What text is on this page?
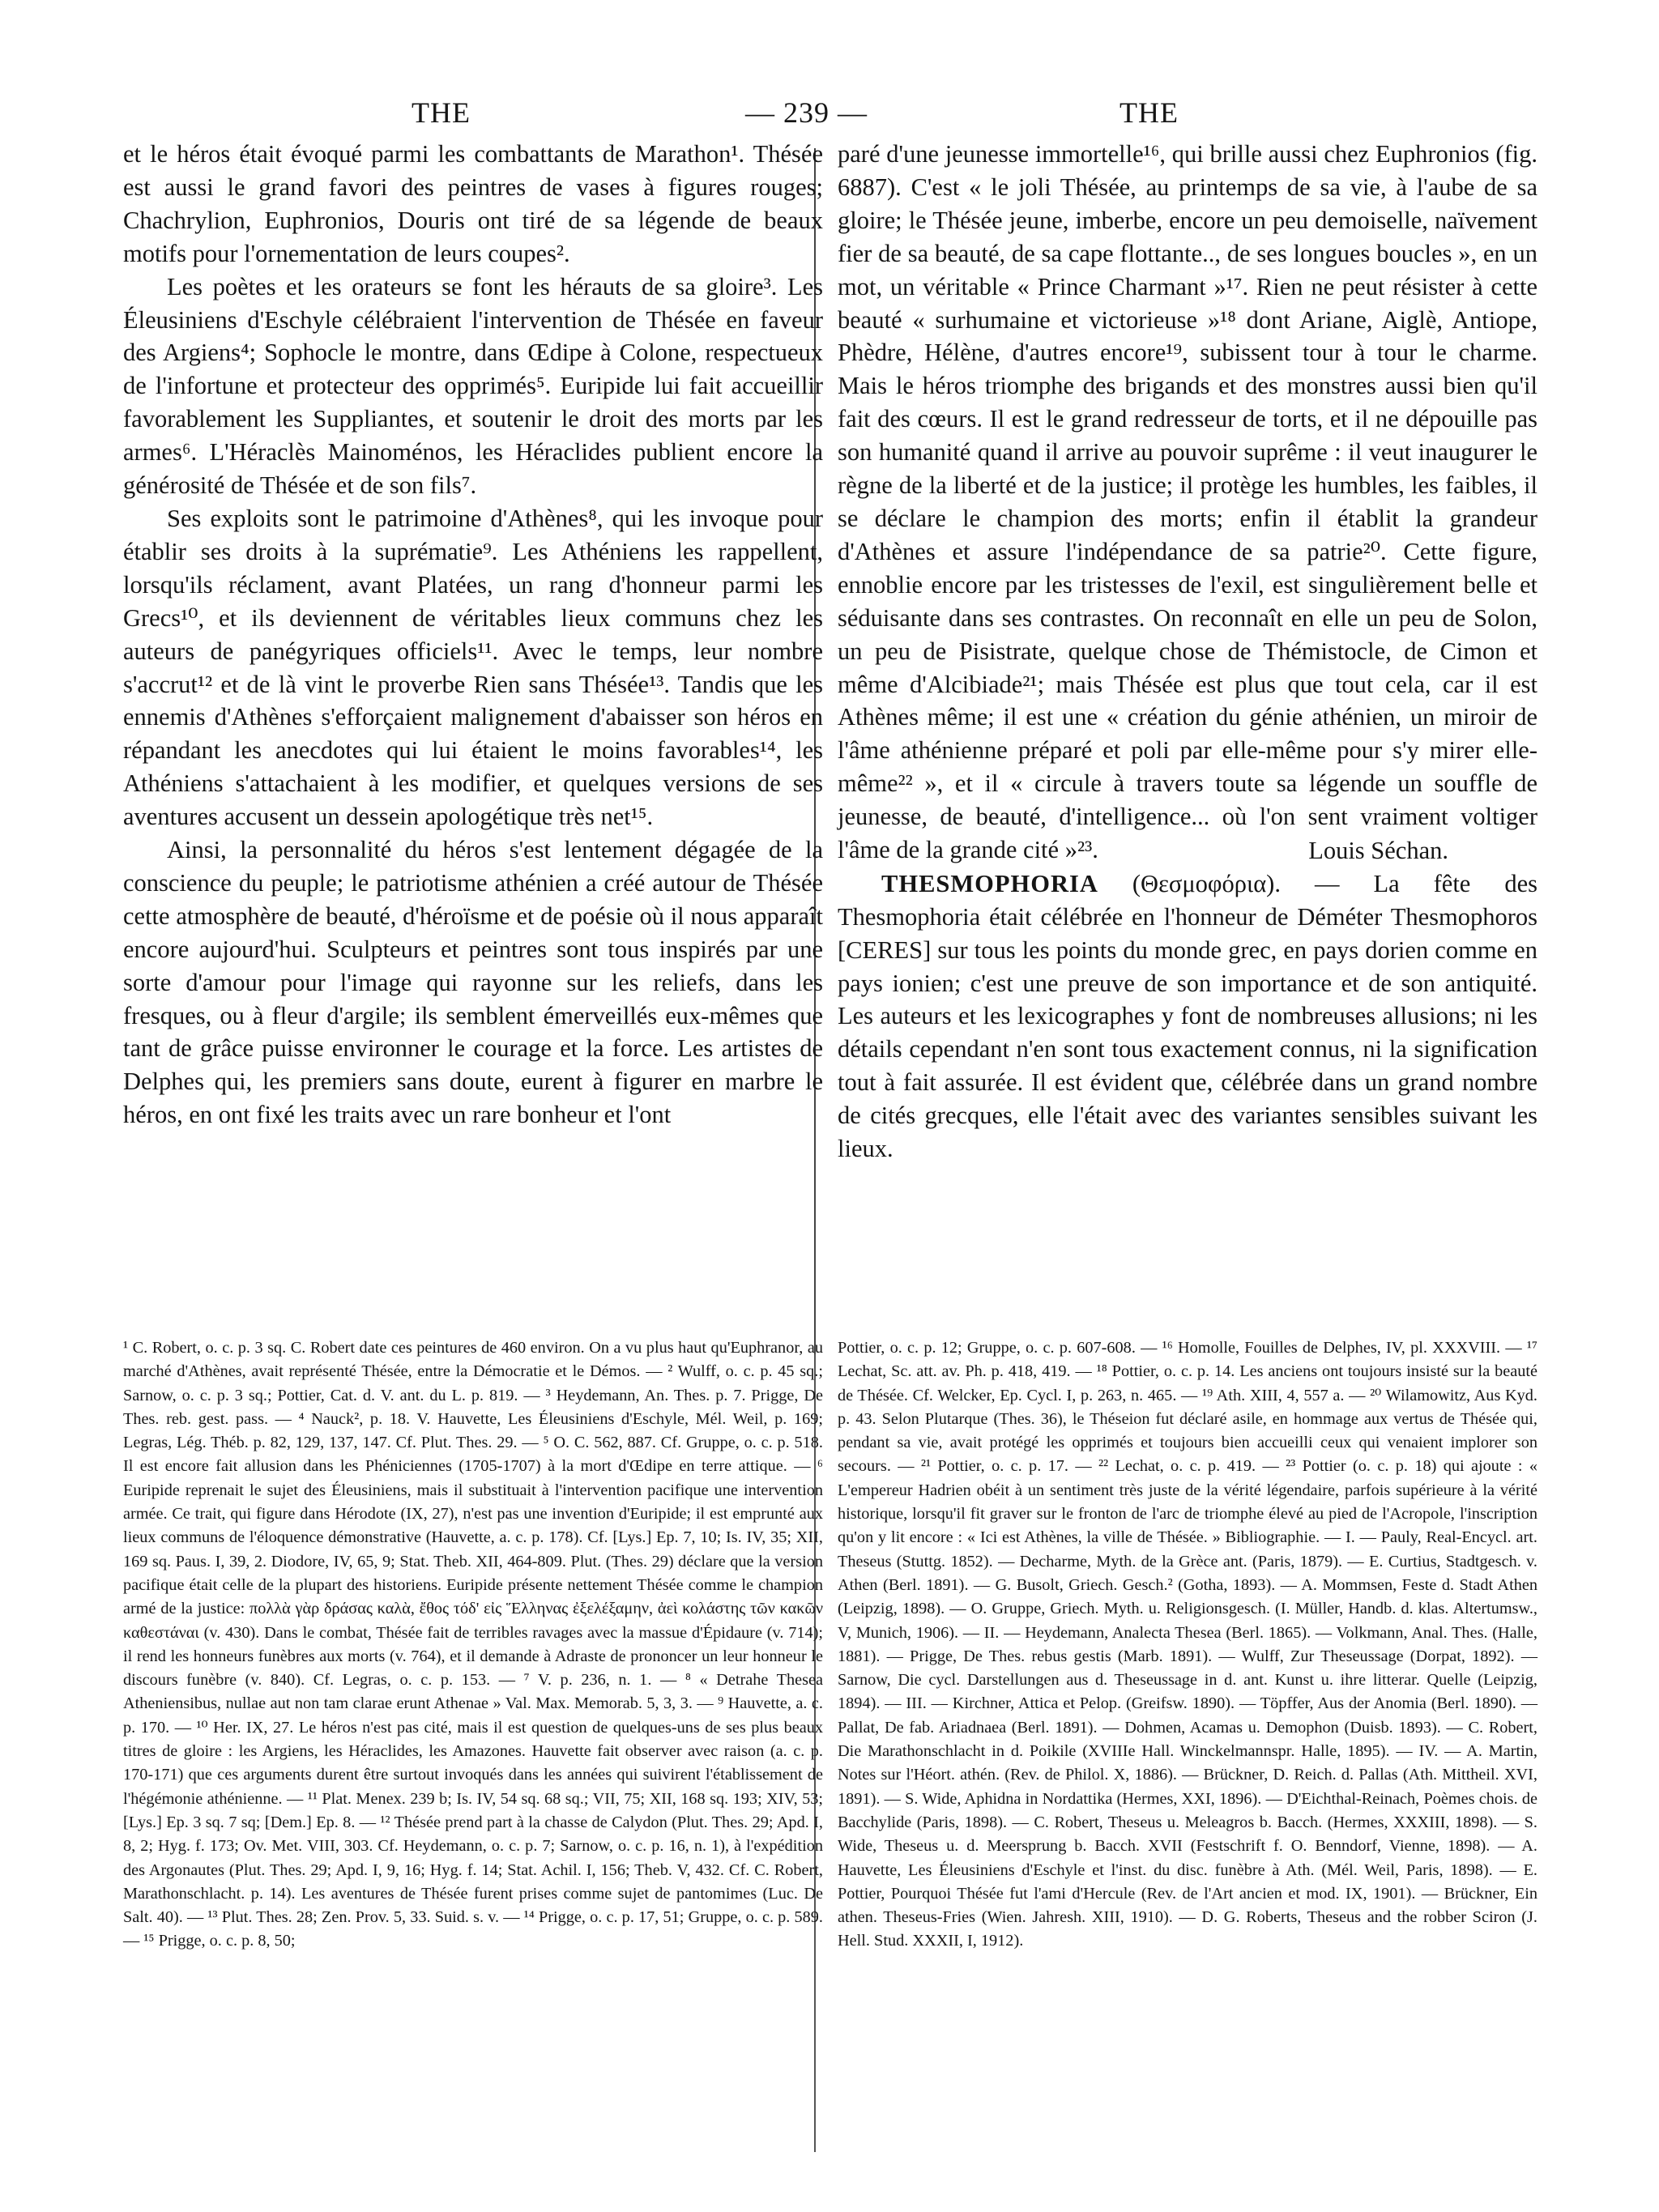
THE	— 239 —	THE

et le héros était évoqué parmi les combattants de Marathon¹. Thésée est aussi le grand favori des peintres de vases à figures rouges; Chachrylion, Euphronios, Douris ont tiré de sa légende de beaux motifs pour l'ornementation de leurs coupes².

Les poètes et les orateurs se font les hérauts de sa gloire³. Les Éleusiniens d'Eschyle célébraient l'intervention de Thésée en faveur des Argiens⁴; Sophocle le montre, dans Œdipe à Colone, respectueux de l'infortune et protecteur des opprimés⁵. Euripide lui fait accueillir favorablement les Suppliantes, et soutenir le droit des morts par les armes⁶. L'Héraclès Mainoménos, les Héraclides publient encore la générosité de Thésée et de son fils⁷.

Ses exploits sont le patrimoine d'Athènes⁸, qui les invoque pour établir ses droits à la suprématie⁹. Les Athéniens les rappellent, lorsqu'ils réclament, avant Platées, un rang d'honneur parmi les Grecs¹⁰, et ils deviennent de véritables lieux communs chez les auteurs de panégyriques officiels¹¹. Avec le temps, leur nombre s'accrut¹² et de là vint le proverbe Rien sans Thésée¹³. Tandis que les ennemis d'Athènes s'efforçaient malignement d'abaisser son héros en répandant les anecdotes qui lui étaient le moins favorables¹⁴, les Athéniens s'attachaient à les modifier, et quelques versions de ses aventures accusent un dessein apologétique très net¹⁵.

Ainsi, la personnalité du héros s'est lentement dégagée de la conscience du peuple; le patriotisme athénien a créé autour de Thésée cette atmosphère de beauté, d'héroïsme et de poésie où il nous apparaît encore aujourd'hui. Sculpteurs et peintres sont tous inspirés par une sorte d'amour pour l'image qui rayonne sur les reliefs, dans les fresques, ou à fleur d'argile; ils semblent émerveillés eux-mêmes que tant de grâce puisse environner le courage et la force. Les artistes de Delphes qui, les premiers sans doute, eurent à figurer en marbre le héros, en ont fixé les traits avec un rare bonheur et l'ont

paré d'une jeunesse immortelle¹⁶, qui brille aussi chez Euphronios (fig. 6887). C'est « le joli Thésée, au printemps de sa vie, à l'aube de sa gloire; le Thésée jeune, imberbe, encore un peu demoiselle, naïvement fier de sa beauté, de sa cape flottante.., de ses longues boucles », en un mot, un véritable « Prince Charmant »¹⁷. Rien ne peut résister à cette beauté « surhumaine et victorieuse »¹⁸ dont Ariane, Aiglè, Antiope, Phèdre, Hélène, d'autres encore¹⁹, subissent tour à tour le charme. Mais le héros triomphe des brigands et des monstres aussi bien qu'il fait des cœurs. Il est le grand redresseur de torts, et il ne dépouille pas son humanité quand il arrive au pouvoir suprême : il veut inaugurer le règne de la liberté et de la justice; il protège les humbles, les faibles, il se déclare le champion des morts; enfin il établit la grandeur d'Athènes et assure l'indépendance de sa patrie²⁰. Cette figure, ennoblie encore par les tristesses de l'exil, est singulièrement belle et séduisante dans ses contrastes. On reconnaît en elle un peu de Solon, un peu de Pisistrate, quelque chose de Thémistocle, de Cimon et même d'Alcibiade²¹; mais Thésée est plus que tout cela, car il est Athènes même; il est une « création du génie athénien, un miroir de l'âme athénienne préparé et poli par elle-même pour s'y mirer elle-même²² », et il « circule à travers toute sa légende un souffle de jeunesse, de beauté, d'intelligence... où l'on sent vraiment voltiger l'âme de la grande cité »²³.	Louis Séchan.

THESMOPHORIA (Θεσμοφόρια). — La fête des Thesmophoria était célébrée en l'honneur de Déméter Thesmophoros [CERES] sur tous les points du monde grec, en pays dorien comme en pays ionien; c'est une preuve de son importance et de son antiquité. Les auteurs et les lexicographes y font de nombreuses allusions; ni les détails cependant n'en sont tous exactement connus, ni la signification tout à fait assurée. Il est évident que, célébrée dans un grand nombre de cités grecques, elle l'était avec des variantes sensibles suivant les lieux.

¹ C. Robert, o. c. p. 3 sq. C. Robert date ces peintures de 460 environ. On a vu plus haut qu'Euphranor, au marché d'Athènes, avait représenté Thésée, entre la Démocratie et le Démos. — ² Wulff, o. c. p. 45 sq.; Sarnow, o. c. p. 3 sq.; Pottier, Cat. d. V. ant. du L. p. 819. — ³ Heydemann, An. Thes. p. 7. Prigge, De Thes. reb. gest. pass. — ⁴ Nauck², p. 18. V. Hauvette, Les Éleusiniens d'Eschyle, Mél. Weil, p. 169; Legras, Lég. Théb. p. 82, 129, 137, 147. Cf. Plut. Thes. 29. — ⁵ O. C. 562, 887. Cf. Gruppe, o. c. p. 518. Il est encore fait allusion dans les Phéniciennes (1705-1707) à la mort d'Œdipe en terre attique. — ⁶ Euripide reprenait le sujet des Éleusiniens, mais il substituait à l'intervention pacifique une intervention armée. Ce trait, qui figure dans Hérodote (IX, 27), n'est pas une invention d'Euripide; il est emprunté aux lieux communs de l'éloquence démonstrative (Hauvette, a. c. p. 178). Cf. [Lys.] Ep. 7, 10; Is. IV, 35; XII, 169 sq. Paus. I, 39, 2. Diodore, IV, 65, 9; Stat. Theb. XII, 464-809. Plut. (Thes. 29) déclare que la version pacifique était celle de la plupart des historiens. Euripide présente nettement Thésée comme le champion armé de la justice: πολλὰ γὰρ δράσας καλὰ, ἔθος τόδ' εἰς Ἕλληνας ἐξελέξαμην, ἀεὶ κολάστης τῶν κακῶν καθεστάναι (v. 430). Dans le combat, Thésée fait de terribles ravages avec la massue d'Épidaure (v. 714); il rend les honneurs funèbres aux morts (v. 764), et il demande à Adraste de prononcer un leur honneur le discours funèbre (v. 840). Cf. Legras, o. c. p. 153. — ⁷ V. p. 236, n. 1. — ⁸ « Detrahe Thesea Atheniensibus, nullae aut non tam clarae erunt Athenae » Val. Max. Memorab. 5, 3, 3. — ⁹ Hauvette, a. c. p. 170. — ¹⁰ Her. IX, 27. Le héros n'est pas cité, mais il est question de quelques-uns de ses plus beaux titres de gloire : les Argiens, les Héraclides, les Amazones. Hauvette fait observer avec raison (a. c. p. 170-171) que ces arguments durent être surtout invoqués dans les années qui suivirent l'établissement de l'hégémonie athénienne. — ¹¹ Plat. Menex. 239 b; Is. IV, 54 sq. 68 sq.; VII, 75; XII, 168 sq. 193; XIV, 53; [Lys.] Ep. 3 sq. 7 sq; [Dem.] Ep. 8. — ¹² Thésée prend part à la chasse de Calydon (Plut. Thes. 29; Apd. I, 8, 2; Hyg. f. 173; Ov. Met. VIII, 303. Cf. Heydemann, o. c. p. 7; Sarnow, o. c. p. 16, n. 1), à l'expédition des Argonautes (Plut. Thes. 29; Apd. I, 9, 16; Hyg. f. 14; Stat. Achil. I, 156; Theb. V, 432. Cf. C. Robert, Marathonschlacht. p. 14). Les aventures de Thésée furent prises comme sujet de pantomimes (Luc. De Salt. 40). — ¹³ Plut. Thes. 28; Zen. Prov. 5, 33. Suid. s. v. — ¹⁴ Prigge, o. c. p. 17, 51; Gruppe, o. c. p. 589. — ¹⁵ Prigge, o. c. p. 8, 50;

Pottier, o. c. p. 12; Gruppe, o. c. p. 607-608. — ¹⁶ Homolle, Fouilles de Delphes, IV, pl. XXXVIII. — ¹⁷ Lechat, Sc. att. av. Ph. p. 418, 419. — ¹⁸ Pottier, o. c. p. 14. Les anciens ont toujours insisté sur la beauté de Thésée. Cf. Welcker, Ep. Cycl. I, p. 263, n. 465. — ¹⁹ Ath. XIII, 4, 557 a. — ²⁰ Wilamowitz, Aus Kyd. p. 43. Selon Plutarque (Thes. 36), le Théseion fut déclaré asile, en hommage aux vertus de Thésée qui, pendant sa vie, avait protégé les opprimés et toujours bien accueilli ceux qui venaient implorer son secours. — ²¹ Pottier, o. c. p. 17. — ²² Lechat, o. c. p. 419. — ²³ Pottier (o. c. p. 18) qui ajoute : « L'empereur Hadrien obéit à un sentiment très juste de la vérité légendaire, parfois supérieure à la vérité historique, lorsqu'il fit graver sur le fronton de l'arc de triomphe élevé au pied de l'Acropole, l'inscription qu'on y lit encore : « Ici est Athènes, la ville de Thésée. » Bibliographie. — I. — Pauly, Real-Encycl. art. Theseus (Stuttg. 1852). — Decharme, Myth. de la Grèce ant. (Paris, 1879). — E. Curtius, Stadtgesch. v. Athen (Berl. 1891). — G. Busolt, Griech. Gesch.² (Gotha, 1893). — A. Mommsen, Feste d. Stadt Athen (Leipzig, 1898). — O. Gruppe, Griech. Myth. u. Religionsgesch. (I. Müller, Handb. d. klas. Altertumsw., V, Munich, 1906). — II. — Heydemann, Analecta Thesea (Berl. 1865). — Volkmann, Anal. Thes. (Halle, 1881). — Prigge, De Thes. rebus gestis (Marb. 1891). — Wulff, Zur Theseussage (Dorpat, 1892). — Sarnow, Die cycl. Darstellungen aus d. Theseussage in d. ant. Kunst u. ihre litterar. Quelle (Leipzig, 1894). — III. — Kirchner, Attica et Pelop. (Greifsw. 1890). — Töpffer, Aus der Anomia (Berl. 1890). — Pallat, De fab. Ariadnaea (Berl. 1891). — Dohmen, Acamas u. Demophon (Duisb. 1893). — C. Robert, Die Marathonschlacht in d. Poikile (XVIIIe Hall. Winckelmannspr. Halle, 1895). — IV. — A. Martin, Notes sur l'Héort. athén. (Rev. de Philol. X, 1886). — Brückner, D. Reich. d. Pallas (Ath. Mittheil. XVI, 1891). — S. Wide, Aphidna in Nordattika (Hermes, XXI, 1896). — D'Eichthal-Reinach, Poèmes chois. de Bacchylide (Paris, 1898). — C. Robert, Theseus u. Meleagros b. Bacch. (Hermes, XXXIII, 1898). — S. Wide, Theseus u. d. Meersprung b. Bacch. XVII (Festschrift f. O. Benndorf, Vienne, 1898). — A. Hauvette, Les Éleusiniens d'Eschyle et l'inst. du disc. funèbre à Ath. (Mél. Weil, Paris, 1898). — E. Pottier, Pourquoi Thésée fut l'ami d'Hercule (Rev. de l'Art ancien et mod. IX, 1901). — Brückner, Ein athen. Theseus-Fries (Wien. Jahresh. XIII, 1910). — D. G. Roberts, Theseus and the robber Sciron (J. Hell. Stud. XXXII, I, 1912).
